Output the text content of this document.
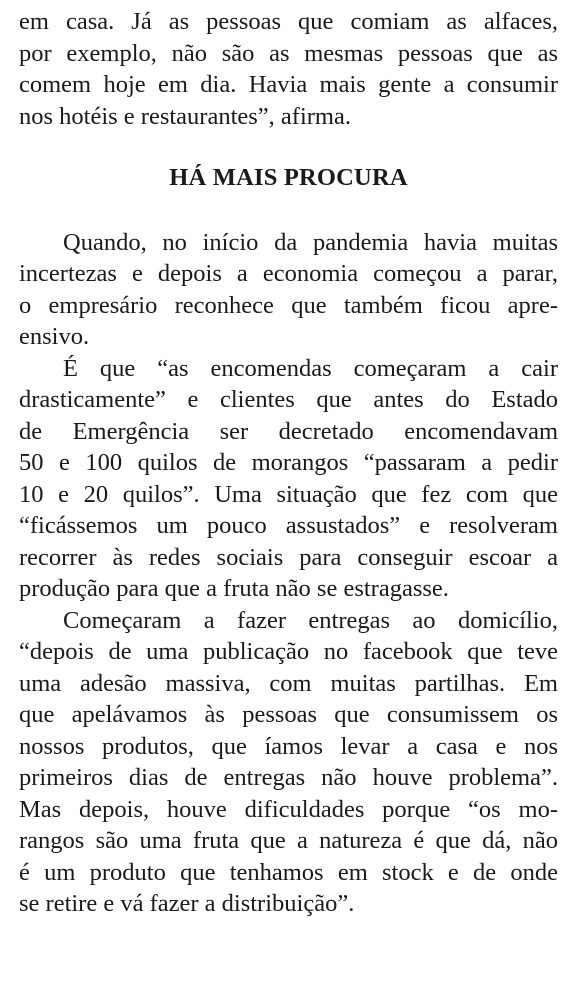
em casa. Já as pessoas que comiam as alfaces,
por exemplo, não são as mesmas pessoas que as
comem hoje em dia. Havia mais gente a consumir
nos hotéis e restaurantes”, afirma.
HÁ MAIS PROCURA
Quando, no início da pandemia havia muitas
incertezas e depois a economia começou a parar,
o empresário reconhece que também ficou apre-
ensivo.
É que “as encomendas começaram a cair
drasticamente” e clientes que antes do Estado
de Emergência ser decretado encomendavam
50 e 100 quilos de morangos “passaram a pedir
10 e 20 quilos”. Uma situação que fez com que
“ficássemos um pouco assustados” e resolveram
recorrer às redes sociais para conseguir escoar a
produção para que a fruta não se estragasse.
Começaram a fazer entregas ao domicílio,
“depois de uma publicação no facebook que teve
uma adesão massiva, com muitas partilhas. Em
que apelávamos às pessoas que consumissem os
nossos produtos, que íamos levar a casa e nos
primeiros dias de entregas não houve problema”.
Mas depois, houve dificuldades porque “os mo-
rangos são uma fruta que a natureza é que dá, não
é um produto que tenhamos em stock e de onde
se retire e vá fazer a distribuição”.
